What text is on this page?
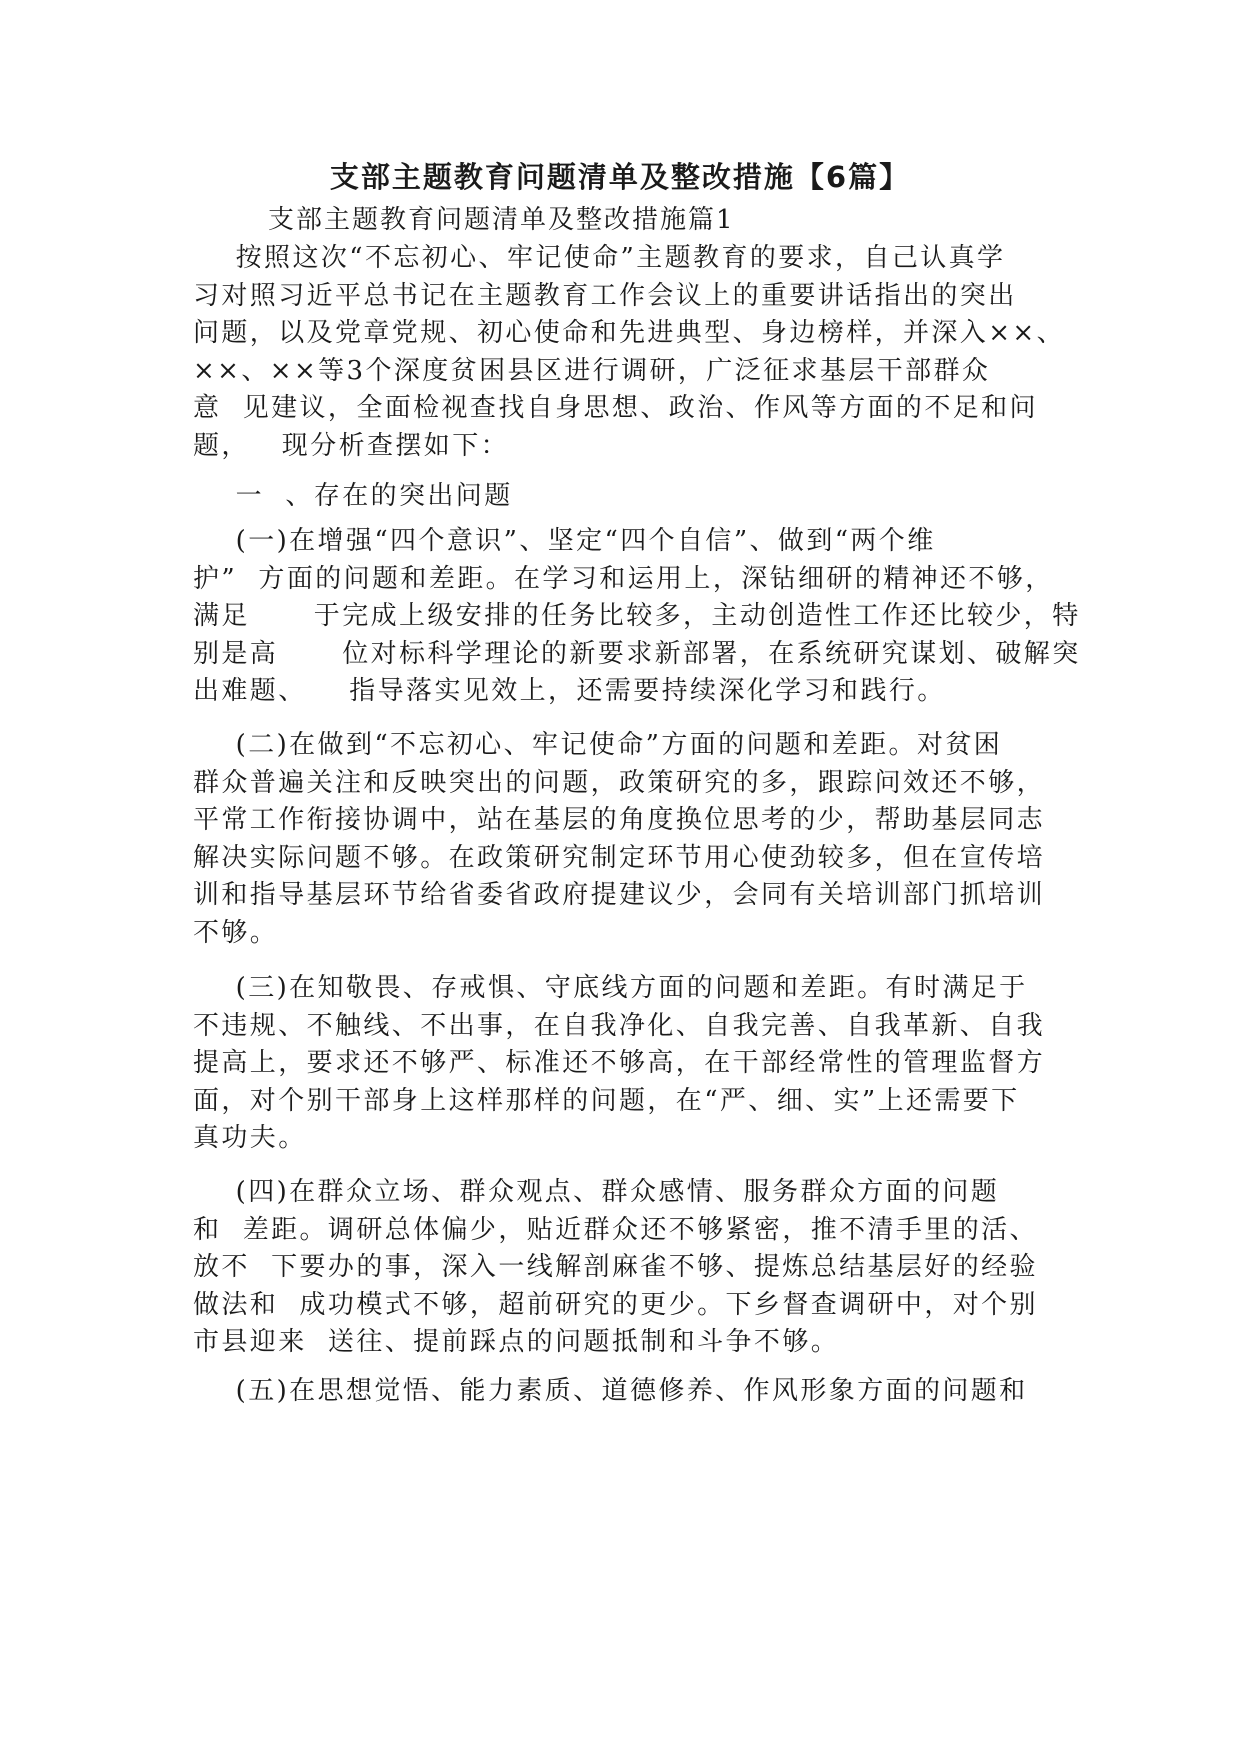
支部主题教育问题清单及整改措施【6篇】

支部主题教育问题清单及整改措施篇1

按照这次“不忘初心、牢记使命”主题教育的要求，自己认真学
习对照习近平总书记在主题教育工作会议上的重要讲话指出的突出
问题，以及党章党规、初心使命和先进典型、身边榜样，并深入××、
××、××等3个深度贫困县区进行调研，广泛征求基层干部群众
意  见建议，全面检视查找自身思想、政治、作风等方面的不足和问
题，   现分析查摆如下：

一  、存在的突出问题

(一)在增强“四个意识”、坚定“四个自信”、做到“两个维
护”  方面的问题和差距。在学习和运用上，深钻细研的精神还不够，
满足      于完成上级安排的任务比较多，主动创造性工作还比较少，特
别是高      位对标科学理论的新要求新部署，在系统研究谋划、破解突
出难题、    指导落实见效上，还需要持续深化学习和践行。

(二)在做到“不忘初心、牢记使命”方面的问题和差距。对贫困
群众普遍关注和反映突出的问题，政策研究的多，跟踪问效还不够，
平常工作衔接协调中，站在基层的角度换位思考的少，帮助基层同志
解决实际问题不够。在政策研究制定环节用心使劲较多，但在宣传培
训和指导基层环节给省委省政府提建议少，会同有关培训部门抓培训
不够。

(三)在知敬畏、存戒惧、守底线方面的问题和差距。有时满足于
不违规、不触线、不出事，在自我净化、自我完善、自我革新、自我
提高上，要求还不够严、标准还不够高，在干部经常性的管理监督方
面，对个别干部身上这样那样的问题，在“严、细、实”上还需要下
真功夫。

(四)在群众立场、群众观点、群众感情、服务群众方面的问题
和  差距。调研总体偏少，贴近群众还不够紧密，推不清手里的活、
放不  下要办的事，深入一线解剖麻雀不够、提炼总结基层好的经验
做法和  成功模式不够，超前研究的更少。下乡督查调研中，对个别
市县迎来  送往、提前踩点的问题抵制和斗争不够。

(五)在思想觉悟、能力素质、道德修养、作风形象方面的问题和
